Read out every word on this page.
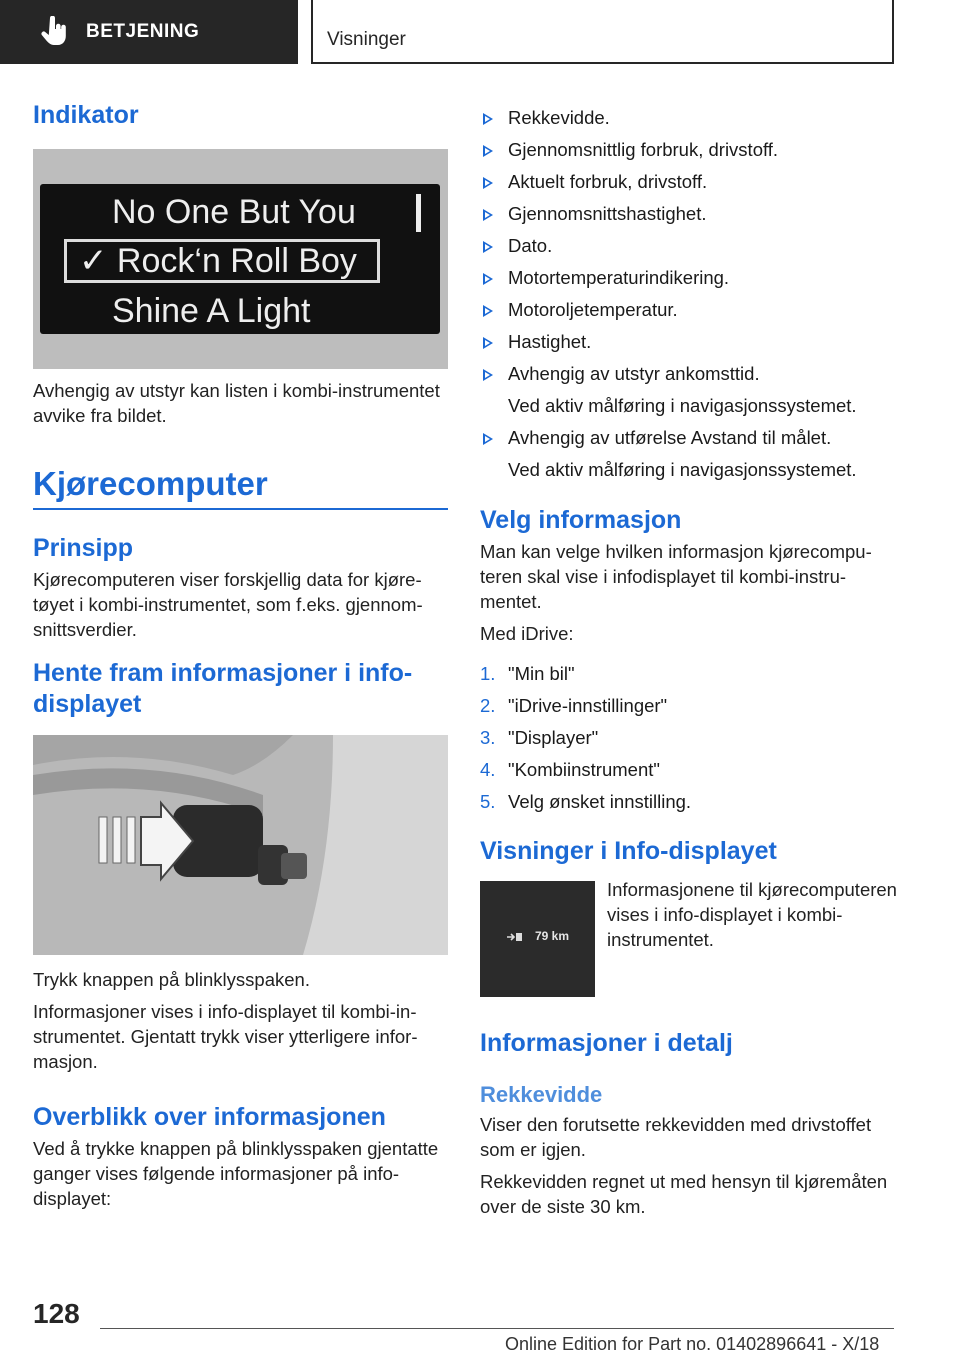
BETJENING	Visninger
Indikator
No One But You
✓ Rock‘n Roll Boy
Shine A Light

Avhengig av utstyr kan listen i kombi-instrumentet avvike fra bildet.

Kjørecomputer
Prinsipp

Kjørecomputeren viser forskjellig data for kjøretøyet i kombi-instrumentet, som f.eks. gjennomsnittsverdier.

Hente fram informasjoner i infodisplayet

Trykk knappen på blinklysspaken.

Informasjoner vises i info-displayet til kombi-instrumentet. Gjentatt trykk viser ytterligere informasjon.

Overblikk over informasjonen

Ved å trykke knappen på blinklysspaken gjentatte ganger vises følgende informasjoner på info-displayet:

Rekkevidde.
Gjennomsnittlig forbruk, drivstoff.
Aktuelt forbruk, drivstoff.
Gjennomsnittshastighet.
Dato.
Motortemperaturindikering.
Motoroljetemperatur.
Hastighet.
Avhengig av utstyr ankomsttid.
Ved aktiv målføring i navigasjonssystemet.
Avhengig av utførelse Avstand til målet.
Ved aktiv målføring i navigasjonssystemet.
Velg informasjon

Man kan velge hvilken informasjon kjørecomputeren skal vise i infodisplayet til kombi-instrumentet.

Med iDrive:

1. "Min bil"
2. "iDrive-innstillinger"
3. "Displayer"
4. "Kombiinstrument"
5. Velg ønsket innstilling.
Visninger i Info-displayet
79 km

Informasjonene til kjørecomputeren vises i info-displayet i kombiinstrumentet.

Informasjoner i detalj
Rekkevidde

Viser den forutsette rekkevidden med drivstoffet som er igjen.

Rekkevidden regnet ut med hensyn til kjøremåten over de siste 30 km.

128
Online Edition for Part no. 01402896641 - X/18
